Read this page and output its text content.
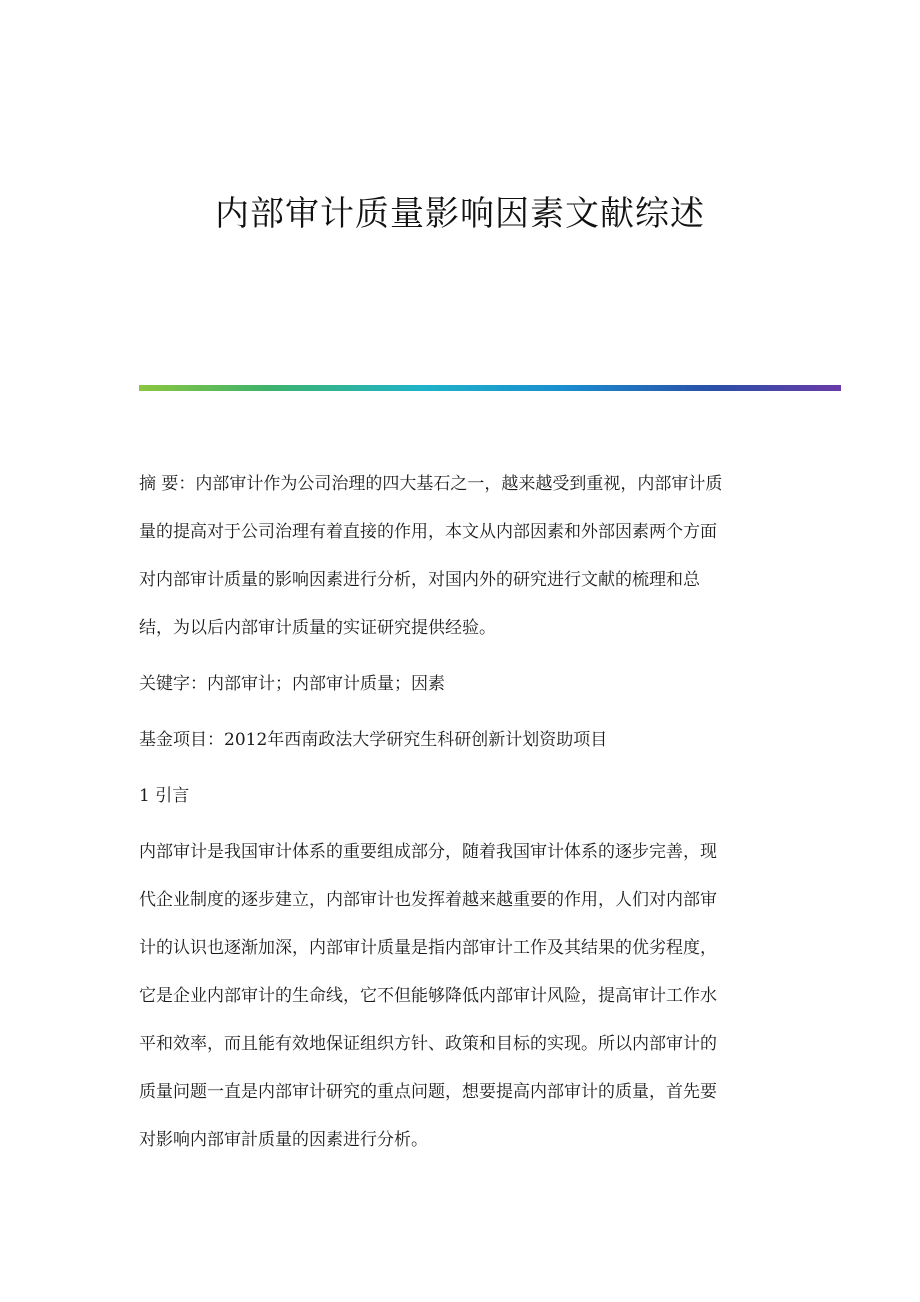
内部审计质量影响因素文献综述
摘 要：内部审计作为公司治理的四大基石之一，越来越受到重视，内部审计质
量的提高对于公司治理有着直接的作用，本文从内部因素和外部因素两个方面
对内部审计质量的影响因素进行分析，对国内外的研究进行文献的梳理和总
结，为以后内部审计质量的实证研究提供经验。
关键字：内部审计；内部审计质量；因素
基金项目：2012年西南政法大学研究生科研创新计划资助项目
1 引言
内部审计是我国审计体系的重要组成部分，随着我国审计体系的逐步完善，现
代企业制度的逐步建立，内部审计也发挥着越来越重要的作用，人们对内部审
计的认识也逐渐加深，内部审计质量是指内部审计工作及其结果的优劣程度，
它是企业内部审计的生命线，它不但能够降低内部审计风险，提高审计工作水
平和效率，而且能有效地保证组织方针、政策和目标的实现。所以内部审计的
质量问题一直是内部审计研究的重点问题，想要提高内部审计的质量，首先要
对影响内部审計质量的因素进行分析。
